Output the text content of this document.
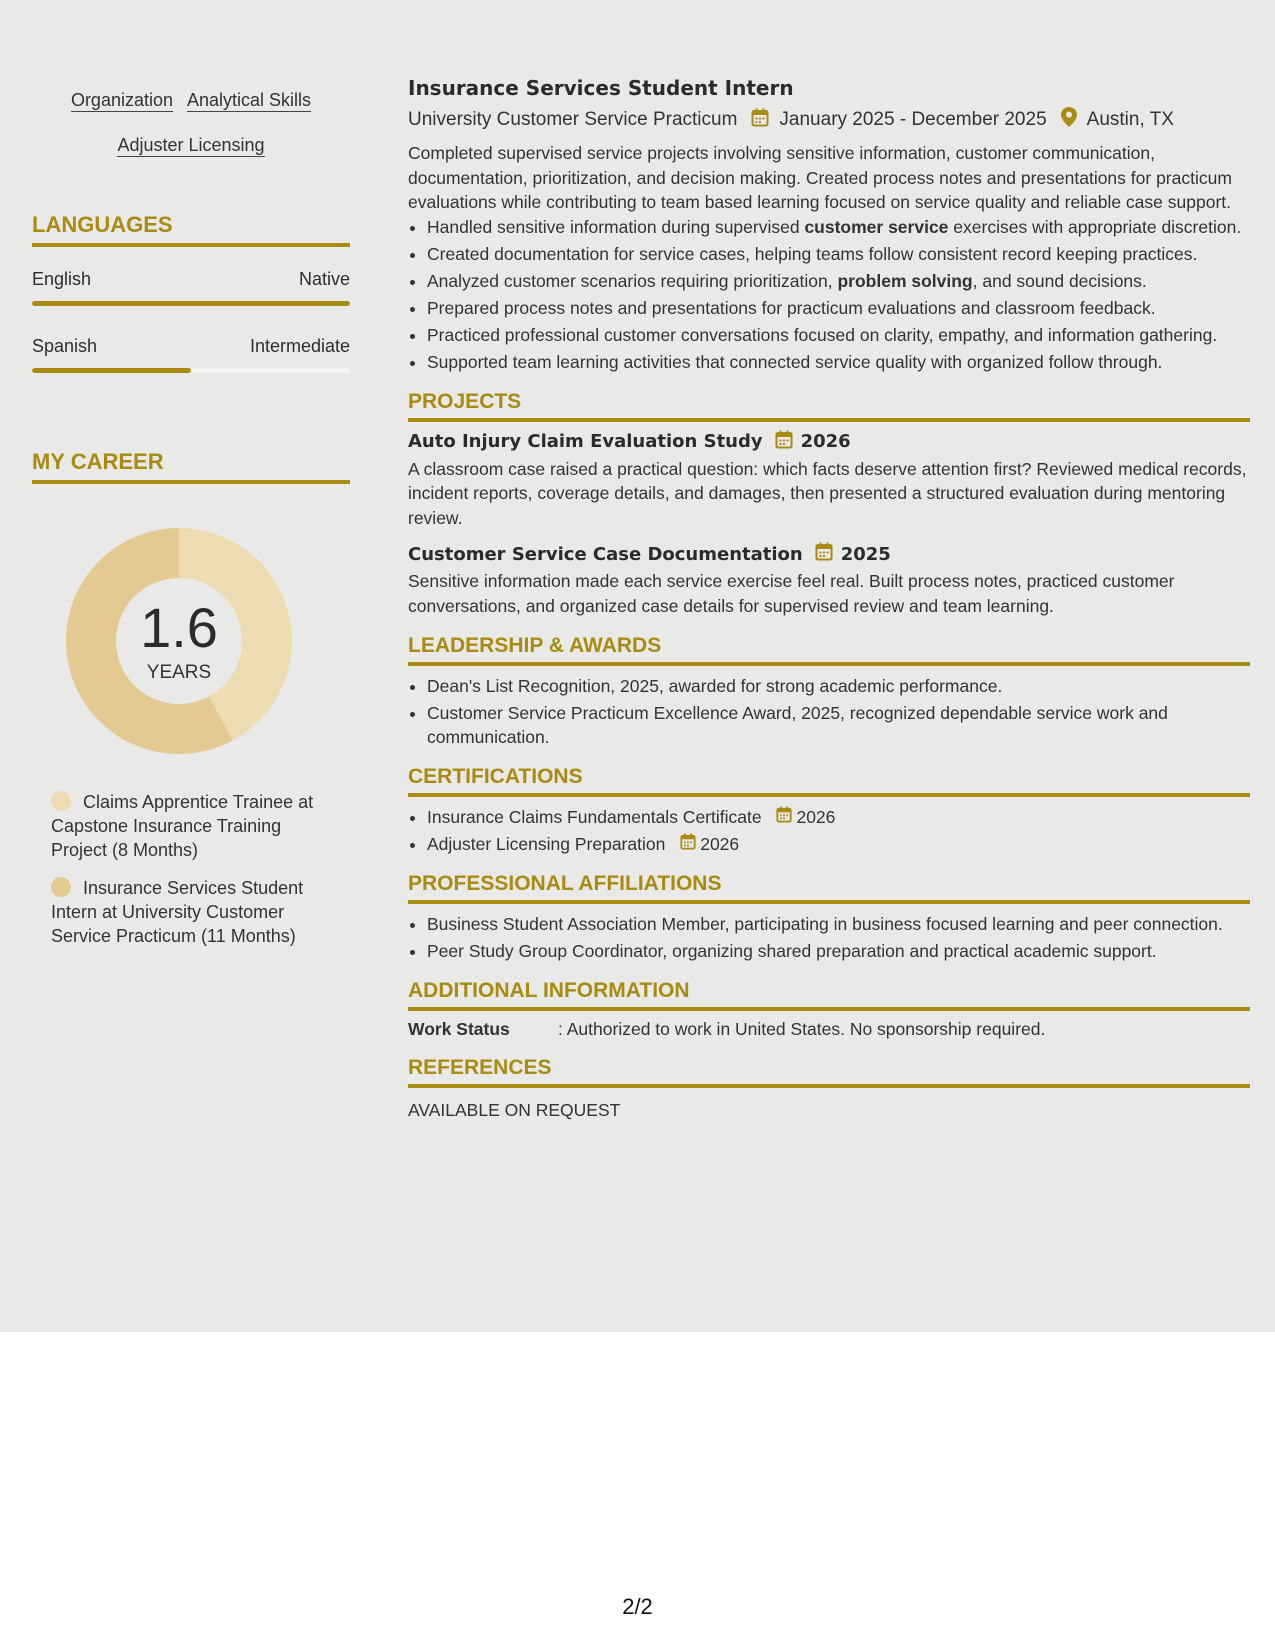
Organization Analytical Skills
Adjuster Licensing
LANGUAGES
English	Native
Spanish	Intermediate
MY CAREER
1.6
YEARS
Claims Apprentice Trainee at Capstone Insurance Training Project (8 Months)
Insurance Services Student Intern at University Customer Service Practicum (11 Months)
Insurance Services Student Intern
University Customer Service Practicum January 2025 - December 2025 Austin, TX
Completed supervised service projects involving sensitive information, customer communication, documentation, prioritization, and decision making. Created process notes and presentations for practicum evaluations while contributing to team based learning focused on service quality and reliable case support.
• Handled sensitive information during supervised customer service exercises with appropriate discretion.
• Created documentation for service cases, helping teams follow consistent record keeping practices.
• Analyzed customer scenarios requiring prioritization, problem solving, and sound decisions.
• Prepared process notes and presentations for practicum evaluations and classroom feedback.
• Practiced professional customer conversations focused on clarity, empathy, and information gathering.
• Supported team learning activities that connected service quality with organized follow through.
PROJECTS
Auto Injury Claim Evaluation Study 2026
A classroom case raised a practical question: which facts deserve attention first? Reviewed medical records, incident reports, coverage details, and damages, then presented a structured evaluation during mentoring review.
Customer Service Case Documentation 2025
Sensitive information made each service exercise feel real. Built process notes, practiced customer conversations, and organized case details for supervised review and team learning.
LEADERSHIP & AWARDS
• Dean's List Recognition, 2025, awarded for strong academic performance.
• Customer Service Practicum Excellence Award, 2025, recognized dependable service work and communication.
CERTIFICATIONS
• Insurance Claims Fundamentals Certificate 2026
• Adjuster Licensing Preparation 2026
PROFESSIONAL AFFILIATIONS
• Business Student Association Member, participating in business focused learning and peer connection.
• Peer Study Group Coordinator, organizing shared preparation and practical academic support.
ADDITIONAL INFORMATION
Work Status	: Authorized to work in United States. No sponsorship required.
REFERENCES
AVAILABLE ON REQUEST
2/2
